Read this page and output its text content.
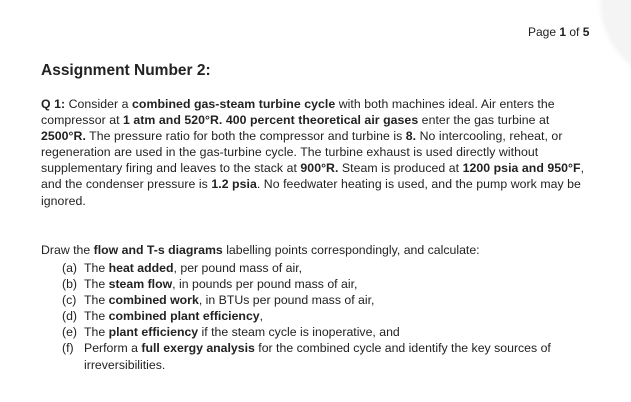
Page 1 of 5
Assignment Number 2:

Q 1: Consider a combined gas-steam turbine cycle with both machines ideal. Air enters the compressor at 1 atm and 520°R. 400 percent theoretical air gases enter the gas turbine at 2500°R. The pressure ratio for both the compressor and turbine is 8. No intercooling, reheat, or regeneration are used in the gas-turbine cycle. The turbine exhaust is used directly without supplementary firing and leaves to the stack at 900°R. Steam is produced at 1200 psia and 950°F, and the condenser pressure is 1.2 psia. No feedwater heating is used, and the pump work may be ignored.

Draw the flow and T-s diagrams labelling points correspondingly, and calculate:

(a) The heat added, per pound mass of air,
(b) The steam flow, in pounds per pound mass of air,
(c) The combined work, in BTUs per pound mass of air,
(d) The combined plant efficiency,
(e) The plant efficiency if the steam cycle is inoperative, and
(f) Perform a full exergy analysis for the combined cycle and identify the key sources of irreversibilities.
